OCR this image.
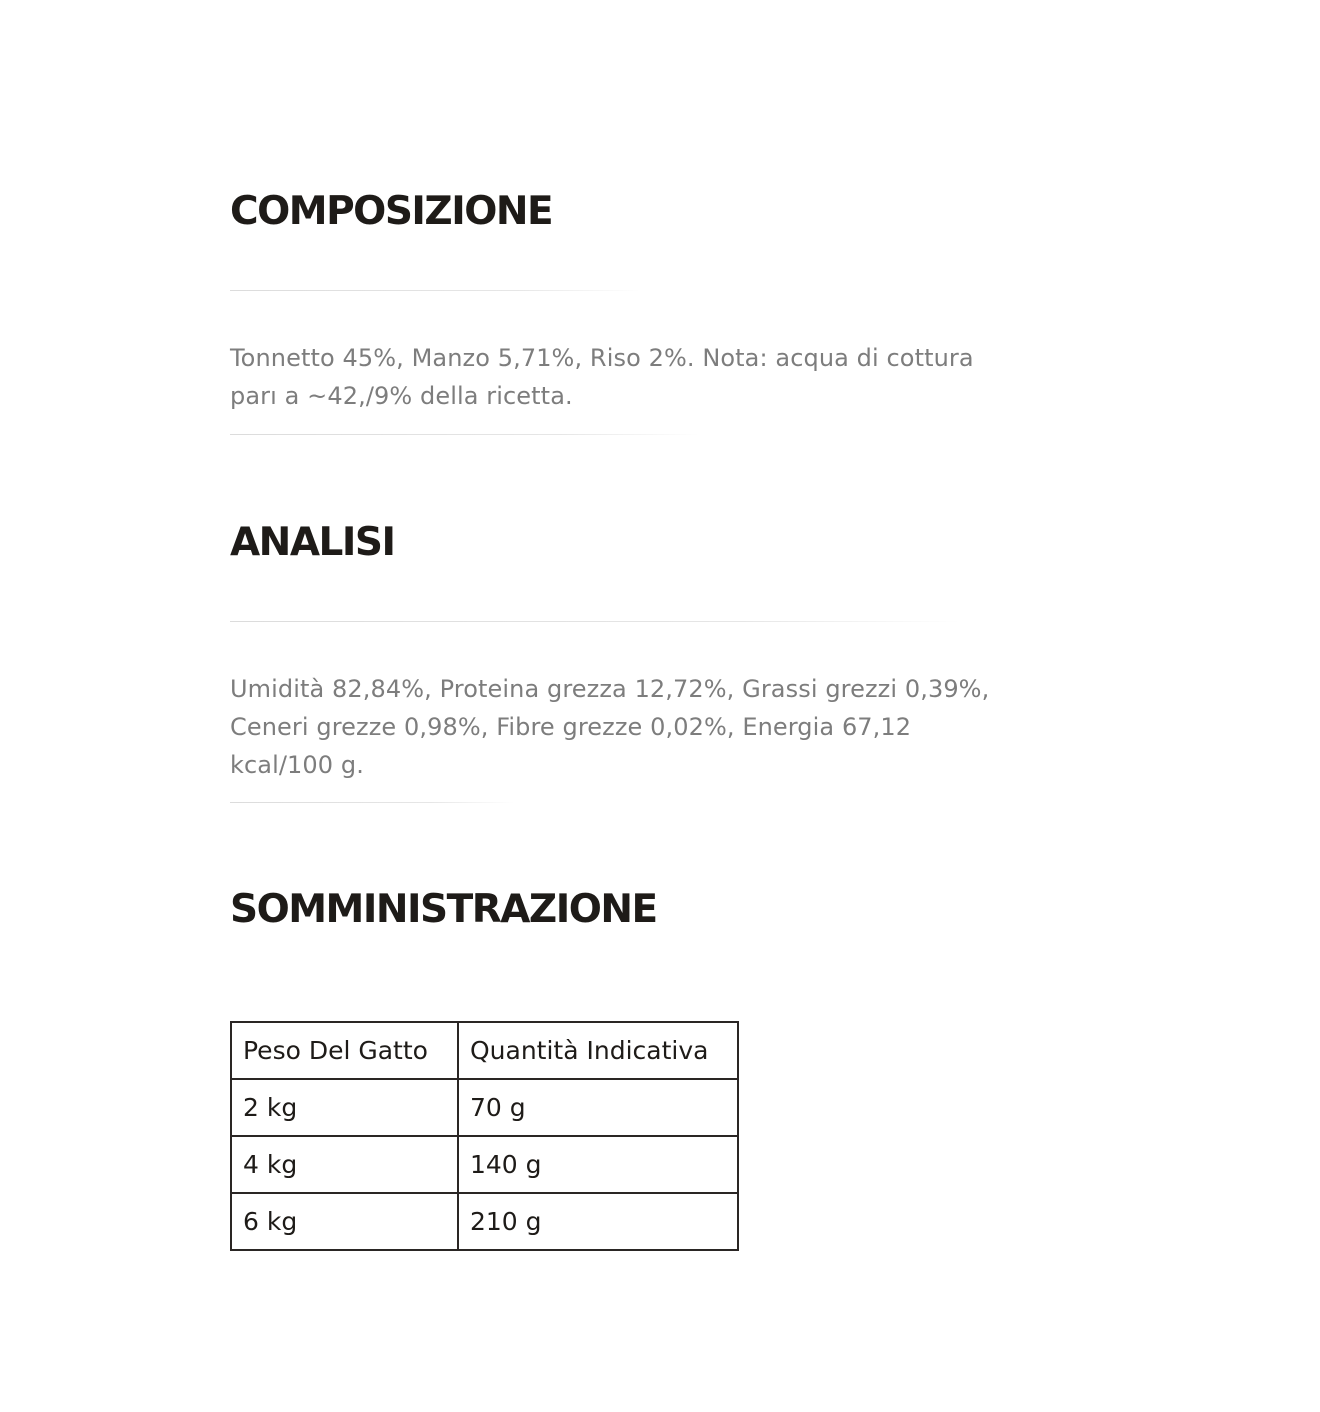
COMPOSIZIONE

Tonnetto 45%, Manzo 5,71%, Riso 2%. Nota: acqua di cottura parı a ~42,/9% della ricetta.

ANALISI

Umidità 82,84%, Proteina grezza 12,72%, Grassi grezzi 0,39%, Ceneri grezze 0,98%, Fibre grezze 0,02%, Energia 67,12 kcal/100 g.

SOMMINISTRAZIONE
Peso Del Gatto	Quantità Indicativa
2 kg	70 g
4 kg	140 g
6 kg	210 g
